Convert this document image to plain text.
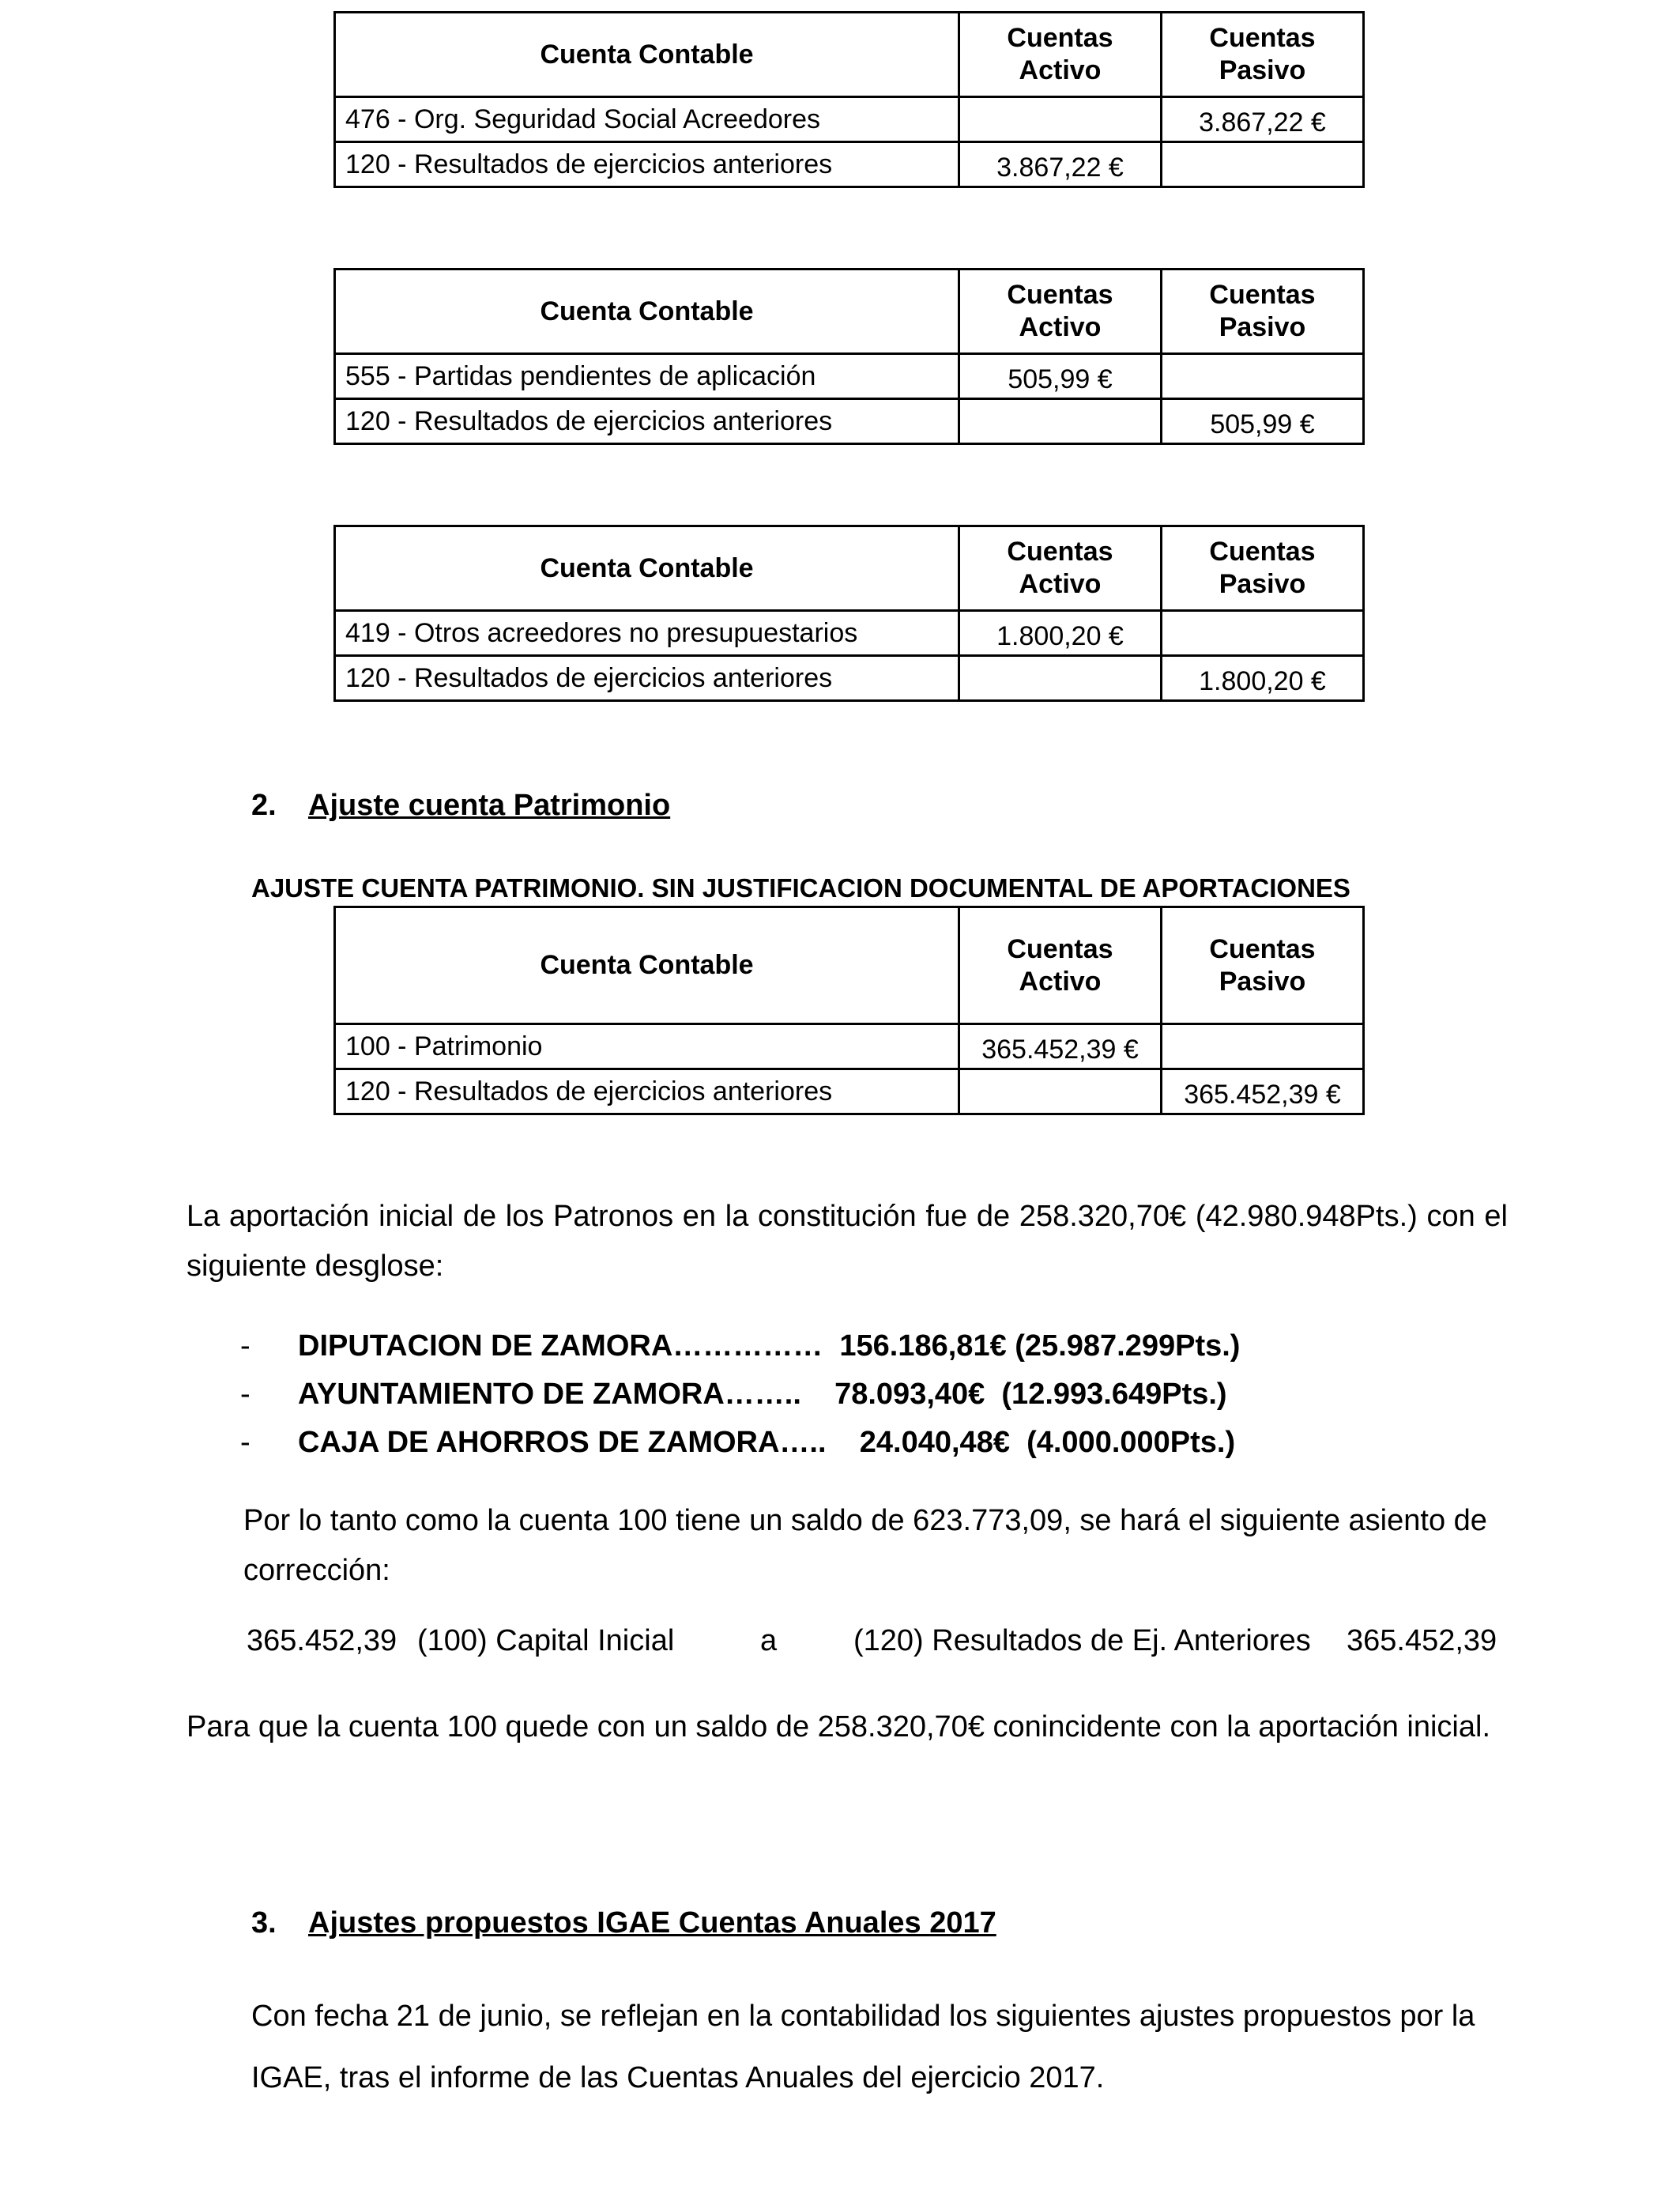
Cuenta Contable	Cuentas Activo	Cuentas Pasivo
476 - Org. Seguridad Social Acreedores		3.867,22 €
120 - Resultados de ejercicios anteriores	3.867,22 €	
Cuenta Contable	Cuentas Activo	Cuentas Pasivo
555 - Partidas pendientes de aplicación	505,99 €	
120 - Resultados de ejercicios anteriores		505,99 €
Cuenta Contable	Cuentas Activo	Cuentas Pasivo
419 - Otros acreedores no presupuestarios	1.800,20 €	
120 - Resultados de ejercicios anteriores		1.800,20 €
2. Ajuste cuenta Patrimonio
AJUSTE CUENTA PATRIMONIO. SIN JUSTIFICACION DOCUMENTAL DE APORTACIONES
Cuenta Contable	Cuentas Activo	Cuentas Pasivo
100 - Patrimonio	365.452,39 €	
120 - Resultados de ejercicios anteriores		365.452,39 €
La aportación inicial de los Patronos en la constitución fue de 258.320,70€ (42.980.948Pts.) con el siguiente desglose:
-	DIPUTACION DE ZAMORA……………  156.186,81€ (25.987.299Pts.)
-	AYUNTAMIENTO DE ZAMORA……..    78.093,40€  (12.993.649Pts.)
-	CAJA DE AHORROS DE ZAMORA…..    24.040,48€  (4.000.000Pts.)
Por lo tanto como la cuenta 100 tiene un saldo de 623.773,09, se hará el siguiente asiento de corrección:
365.452,39 (100) Capital Inicial	a	(120) Resultados de Ej. Anteriores 365.452,39
Para que la cuenta 100 quede con un saldo de 258.320,70€ conincidente con la aportación inicial.
3. Ajustes propuestos IGAE Cuentas Anuales 2017
Con fecha 21 de junio, se reflejan en la contabilidad los siguientes ajustes propuestos por la IGAE, tras el informe de las Cuentas Anuales del ejercicio 2017.
